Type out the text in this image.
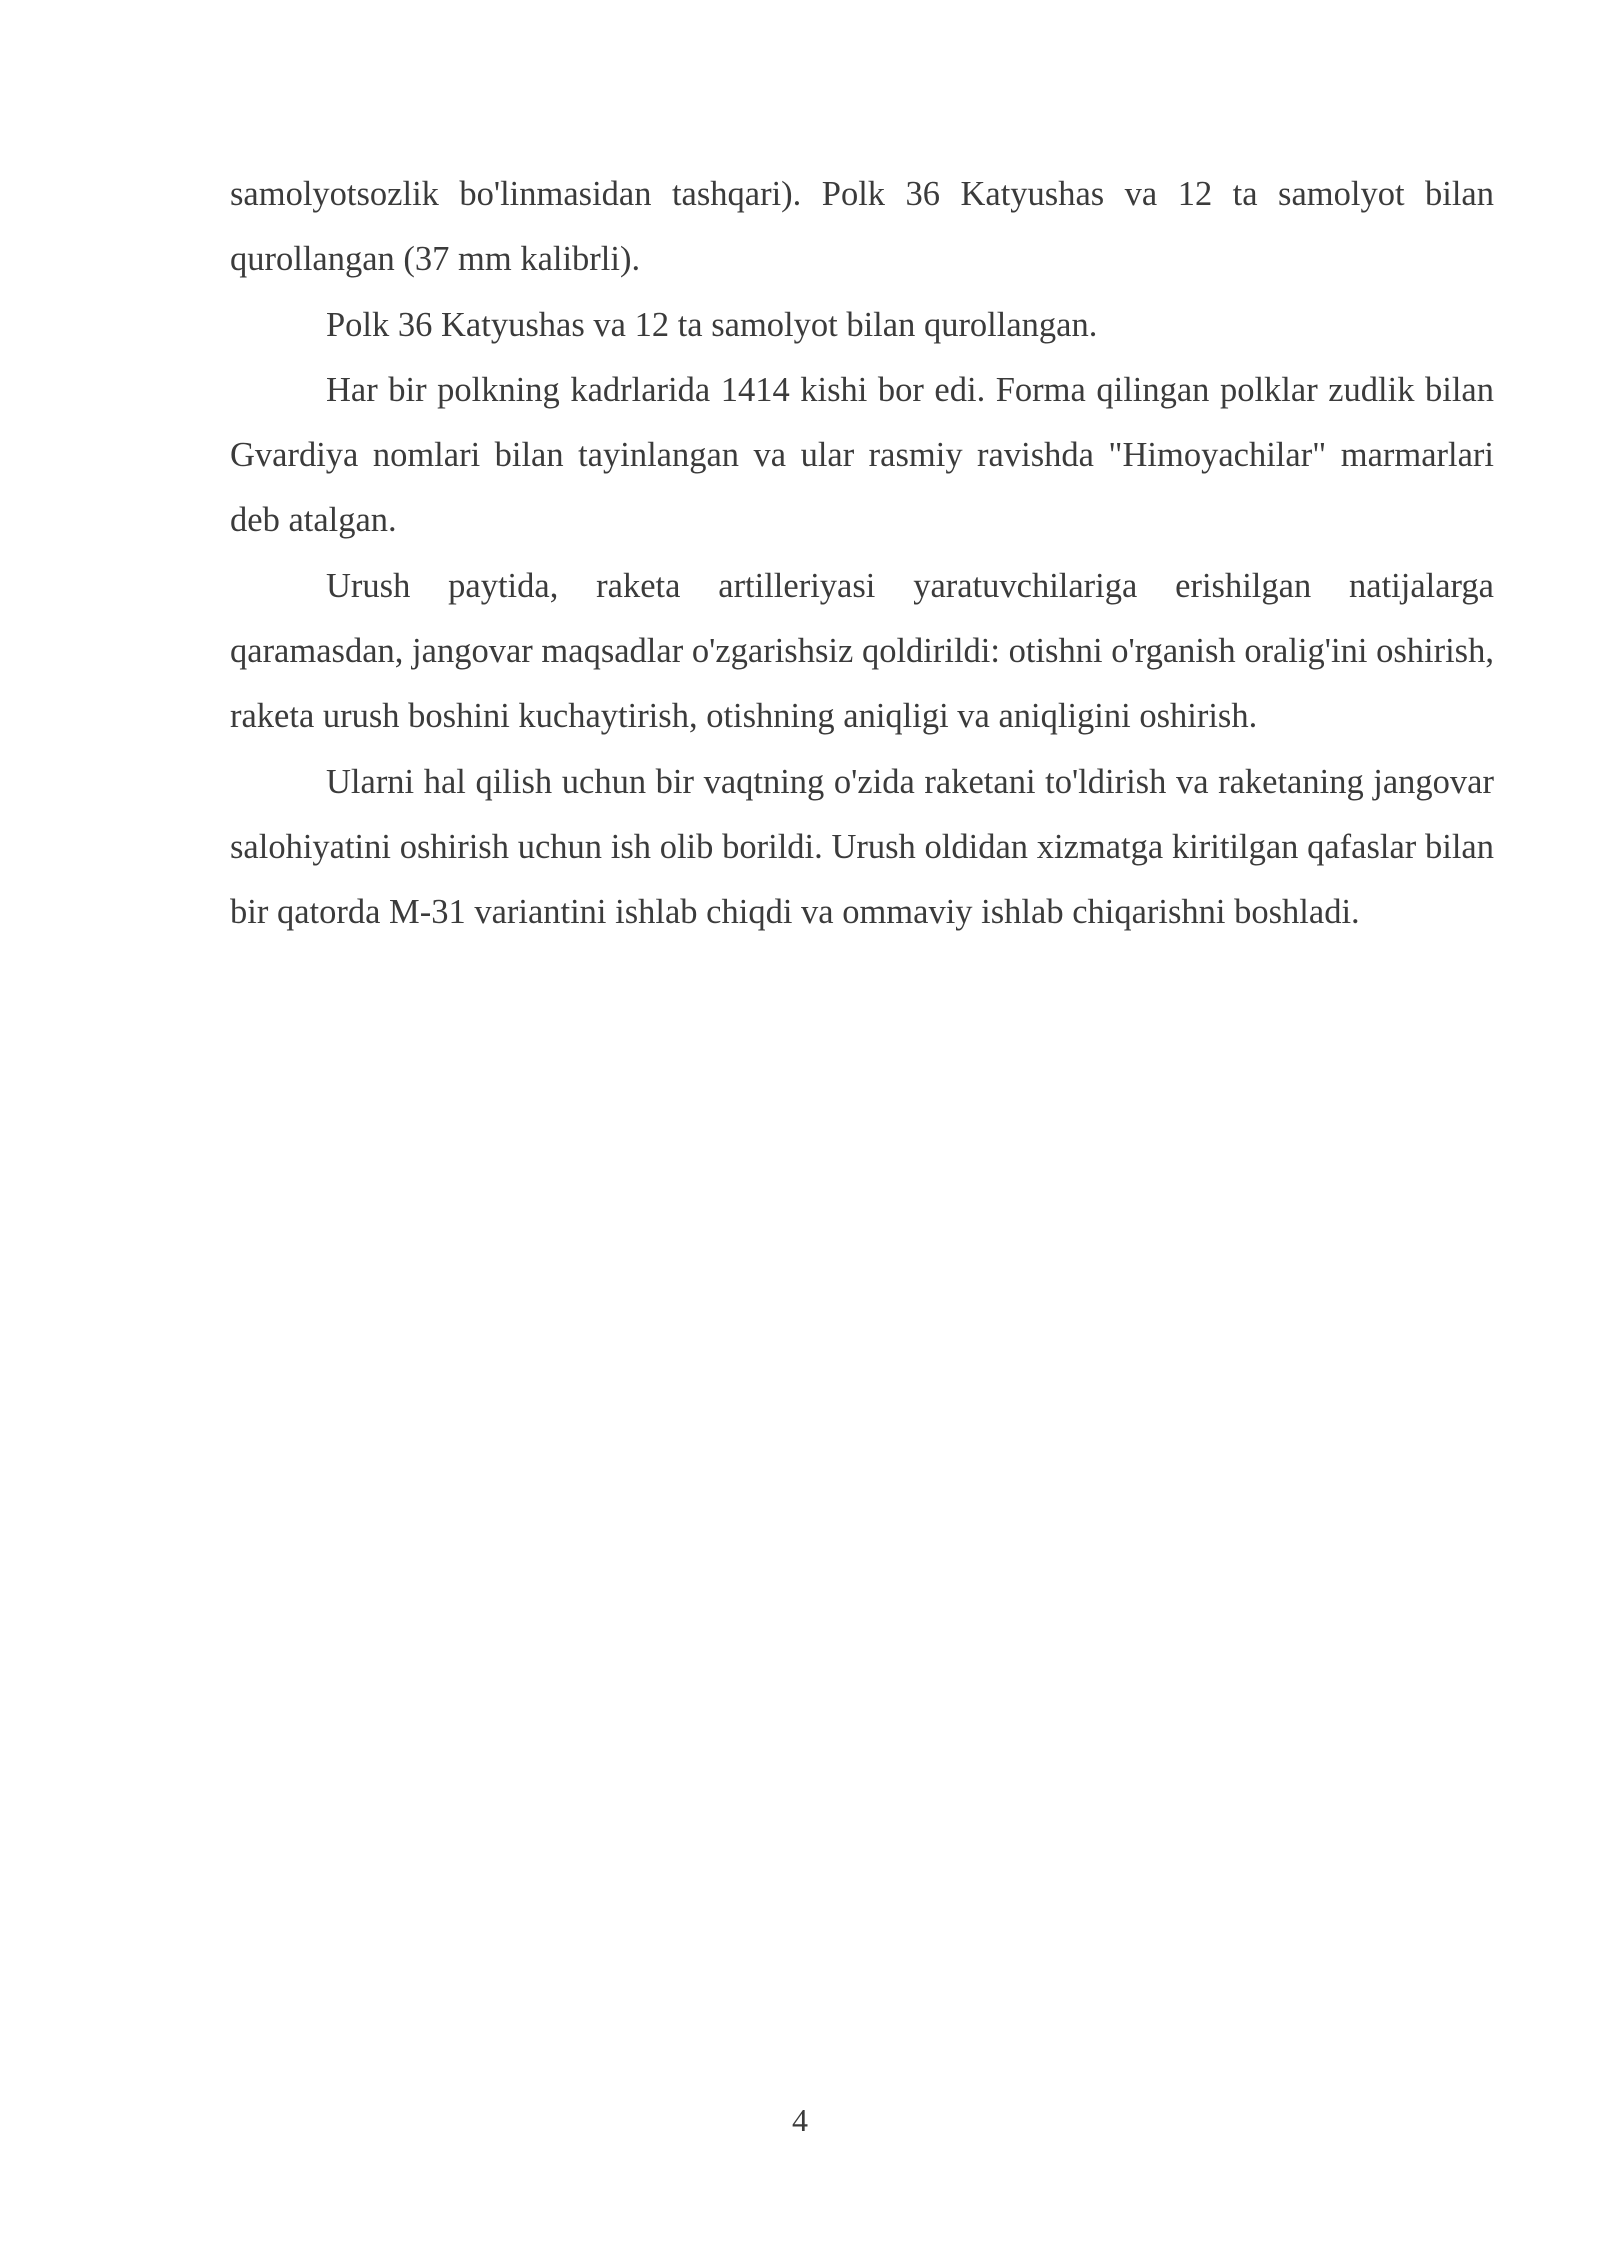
samolyotsozlik bo'linmasidan tashqari). Polk 36 Katyushas va 12 ta samolyot bilan qurollangan (37 mm kalibrli).

Polk 36 Katyushas va 12 ta samolyot bilan qurollangan.

Har bir polkning kadrlarida 1414 kishi bor edi. Forma qilingan polklar zudlik bilan Gvardiya nomlari bilan tayinlangan va ular rasmiy ravishda "Himoyachilar" marmarlari deb atalgan.

Urush paytida, raketa artilleriyasi yaratuvchilariga erishilgan natijalarga qaramasdan, jangovar maqsadlar o'zgarishsiz qoldirildi: otishni o'rganish oralig'ini oshirish, raketa urush boshini kuchaytirish, otishning aniqligi va aniqligini oshirish.

Ularni hal qilish uchun bir vaqtning o'zida raketani to'ldirish va raketaning jangovar salohiyatini oshirish uchun ish olib borildi. Urush oldidan xizmatga kiritilgan qafaslar bilan bir qatorda M-31 variantini ishlab chiqdi va ommaviy ishlab chiqarishni boshladi.

4
